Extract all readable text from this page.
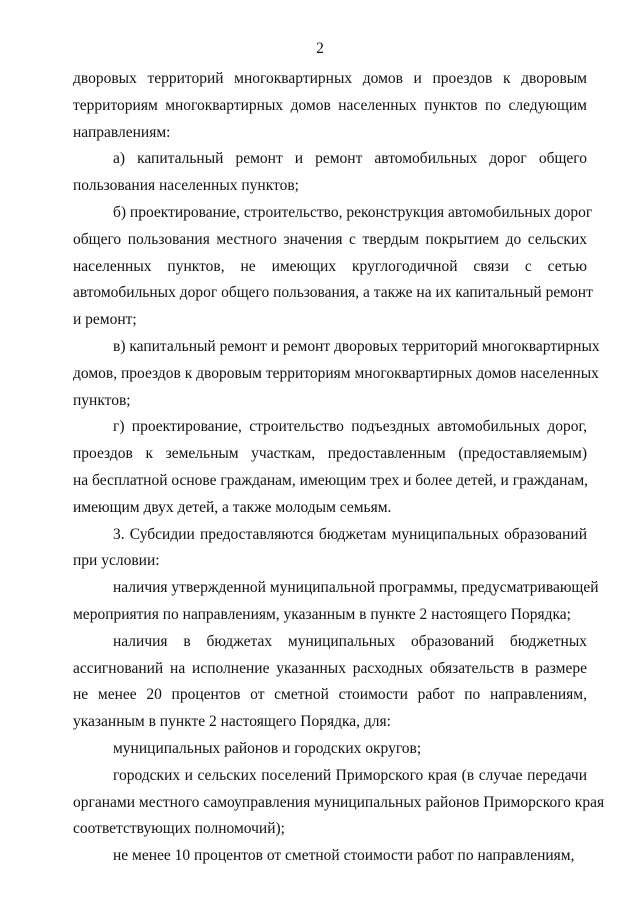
2
дворовых территорий многоквартирных домов и проездов к дворовым
территориям многоквартирных домов населенных пунктов по следующим
направлениям:
а) капитальный ремонт и ремонт автомобильных дорог общего
пользования населенных пунктов;
б) проектирование, строительство, реконструкция автомобильных дорог
общего пользования местного значения с твердым покрытием до сельских
населенных пунктов, не имеющих круглогодичной связи с сетью
автомобильных дорог общего пользования, а также на их капитальный ремонт
и ремонт;
в) капитальный ремонт и ремонт дворовых территорий многоквартирных
домов, проездов к дворовым территориям многоквартирных домов населенных
пунктов;
г) проектирование, строительство подъездных автомобильных дорог,
проездов к земельным участкам, предоставленным (предоставляемым)
на бесплатной основе гражданам, имеющим трех и более детей, и гражданам,
имеющим двух детей, а также молодым семьям.
3. Субсидии предоставляются бюджетам муниципальных образований
при условии:
наличия утвержденной муниципальной программы, предусматривающей
мероприятия по направлениям, указанным в пункте 2 настоящего Порядка;
наличия в бюджетах муниципальных образований бюджетных
ассигнований на исполнение указанных расходных обязательств в размере
не менее 20 процентов от сметной стоимости работ по направлениям,
указанным в пункте 2 настоящего Порядка, для:
муниципальных районов и городских округов;
городских и сельских поселений Приморского края (в случае передачи
органами местного самоуправления муниципальных районов Приморского края
соответствующих полномочий);
не менее 10 процентов от сметной стоимости работ по направлениям,
